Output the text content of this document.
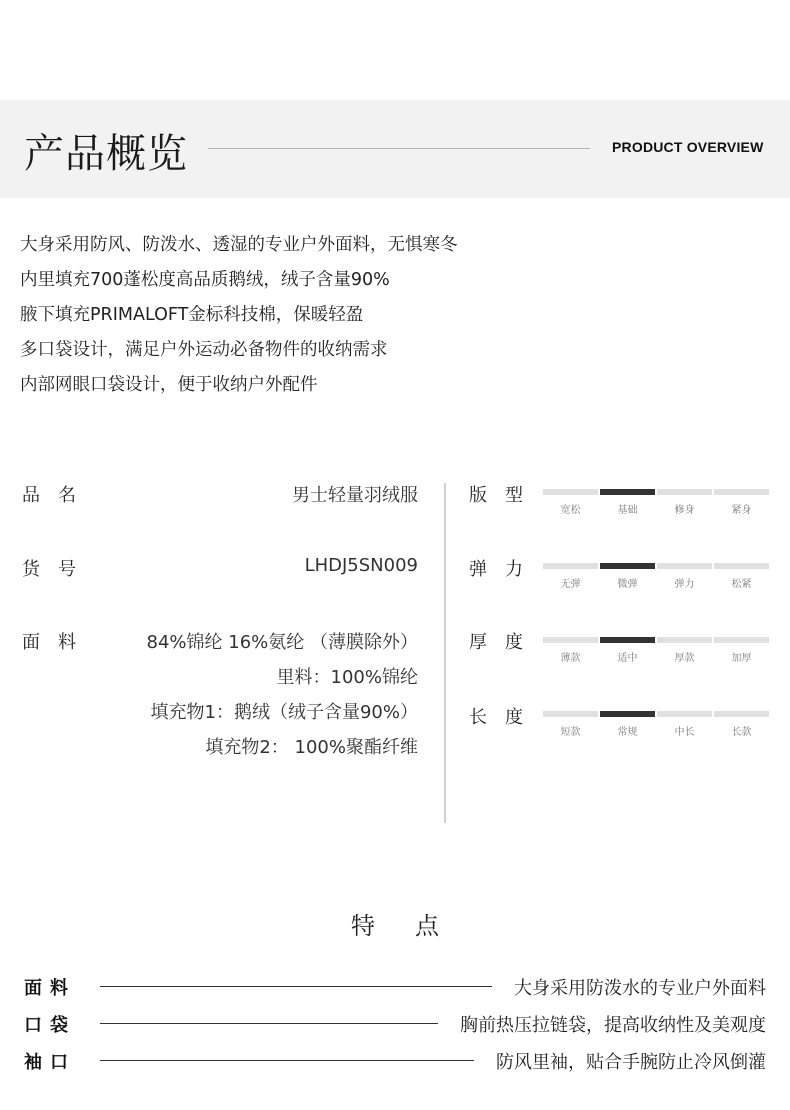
产品概览	PRODUCT OVERVIEW
大身采用防风、防泼水、透湿的专业户外面料，无惧寒冬
内里填充700蓬松度高品质鹅绒，绒子含量90%
腋下填充PRIMALOFT金标科技棉，保暖轻盈
多口袋设计，满足户外运动必备物件的收纳需求
内部网眼口袋设计，便于收纳户外配件
品　名	男士轻量羽绒服
货　号	LHDJ5SN009
面　料	84%锦纶 16%氨纶 （薄膜除外）
里料：100%锦纶
填充物1：鹅绒（绒子含量90%）
填充物2： 100%聚酯纤维
版　型
宽松	基础	修身	紧身
弹　力
无弹	微弹	弹力	松紧
厚　度
薄款	适中	厚款	加厚
长　度
短款	常规	中长	长款
特点
面料	大身采用防泼水的专业户外面料
口袋	胸前热压拉链袋，提高收纳性及美观度
袖口	防风里袖，贴合手腕防止冷风倒灌
